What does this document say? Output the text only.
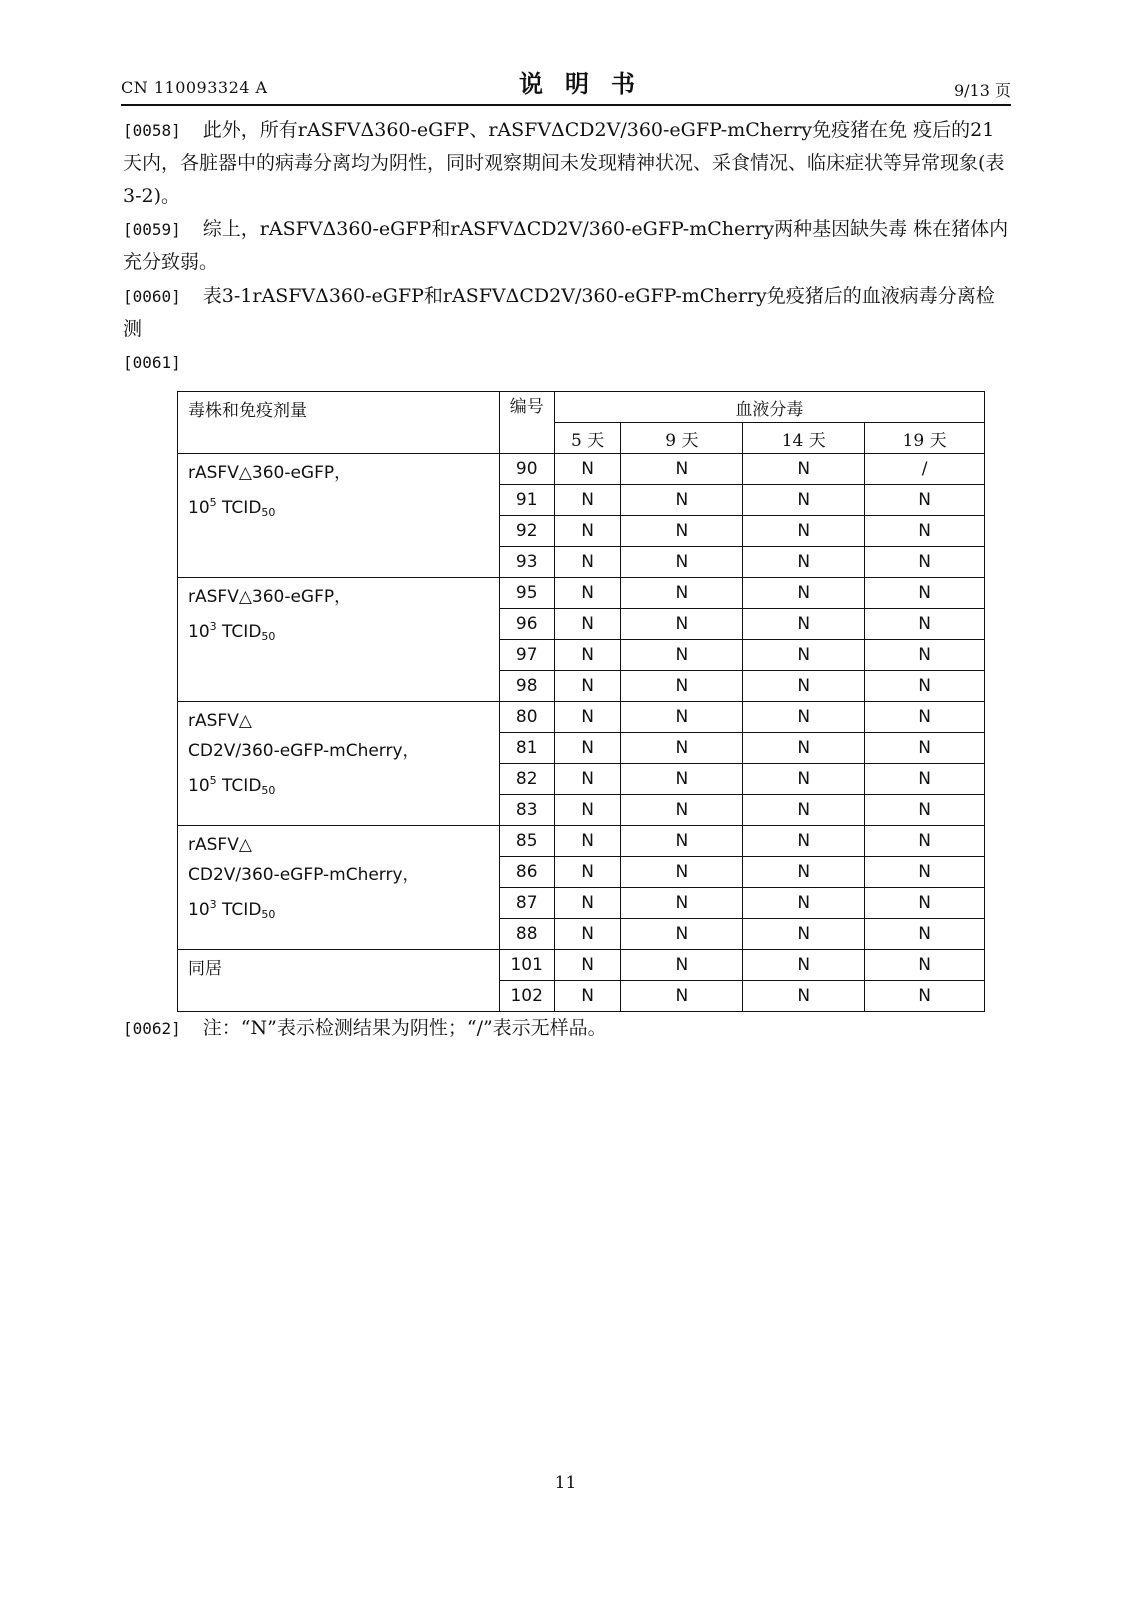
CN 110093324 A	说明书	9/13 页
[0058] 此外，所有rASFVΔ360-eGFP、rASFVΔCD2V/360-eGFP-mCherry免疫猪在免 疫后的21天内，各脏器中的病毒分离均为阴性，同时观察期间未发现精神状况、采食情况、临床症状等异常现象(表3-2)。
[0059] 综上，rASFVΔ360-eGFP和rASFVΔCD2V/360-eGFP-mCherry两种基因缺失毒 株在猪体内充分致弱。
[0060] 表3-1rASFVΔ360-eGFP和rASFVΔCD2V/360-eGFP-mCherry免疫猪后的血液病毒分离检测
[0061]
毒株和免疫剂量	编号	血液分毒			
		5 天	9 天	14 天	19 天

rASFV△360-eGFP，
$10^5$ $TCID_{50}$	90	N	N	N	/
	91	N	N	N	N
	92	N	N	N	N
	93	N	N	N	N

rASFV△360-eGFP，
$10^3$ $TCID_{50}$	95	N	N	N	N
	96	N	N	N	N
	97	N	N	N	N
	98	N	N	N	N

rASFV△
CD2V/360-eGFP-mCherry，
$10^5$ $TCID_{50}$	80	N	N	N	N
	81	N	N	N	N
	82	N	N	N	N
	83	N	N	N	N

rASFV△
CD2V/360-eGFP-mCherry，
$10^3$ $TCID_{50}$	85	N	N	N	N
	86	N	N	N	N
	87	N	N	N	N
	88	N	N	N	N

同居	101	N	N	N	N
	102	N	N	N	N
[0062] 注：“N”表示检测结果为阴性；“/”表示无样品。
11
